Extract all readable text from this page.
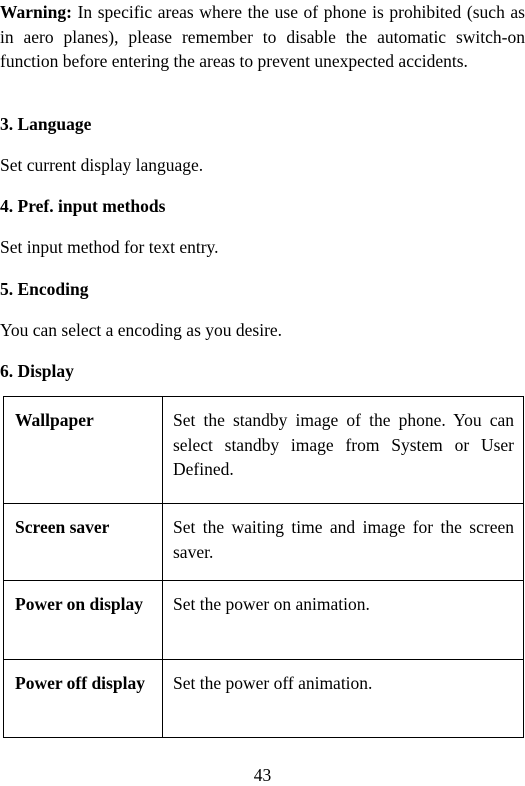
Warning: In specific areas where the use of phone is prohibited (such as in aero planes), please remember to disable the automatic switch-on function before entering the areas to prevent unexpected accidents.

3. Language
Set current display language.
4. Pref. input methods
Set input method for text entry.
5. Encoding
You can select a encoding as you desire.
6. Display
Wallpaper	Set the standby image of the phone. You can select standby image from System or User Defined.
Screen saver	Set the waiting time and image for the screen saver.
Power on display	Set the power on animation.
Power off display	Set the power off animation.
43
